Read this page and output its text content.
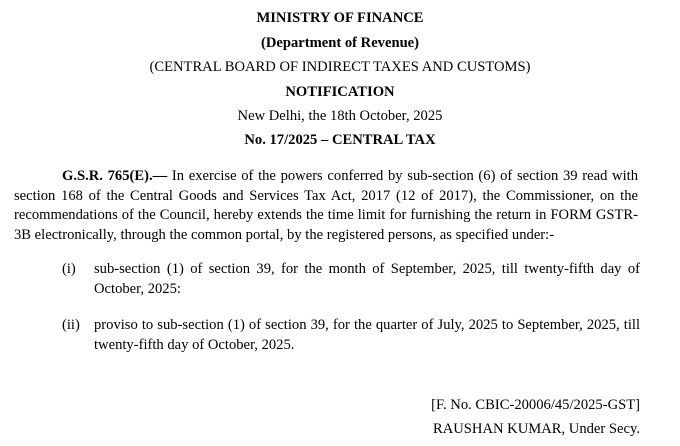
MINISTRY OF FINANCE
(Department of Revenue)
(CENTRAL BOARD OF INDIRECT TAXES AND CUSTOMS)
NOTIFICATION
New Delhi, the 18th October, 2025
No. 17/2025 – CENTRAL TAX
G.S.R. 765(E).— In exercise of the powers conferred by sub-section (6) of section 39 read with section 168 of the Central Goods and Services Tax Act, 2017 (12 of 2017), the Commissioner, on the recommendations of the Council, hereby extends the time limit for furnishing the return in FORM GSTR-3B electronically, through the common portal, by the registered persons, as specified under:-
(i) sub-section (1) of section 39, for the month of September, 2025, till twenty-fifth day of October, 2025:
(ii) proviso to sub-section (1) of section 39, for the quarter of July, 2025 to September, 2025, till twenty-fifth day of October, 2025.
[F. No. CBIC-20006/45/2025-GST]
RAUSHAN KUMAR, Under Secy.
